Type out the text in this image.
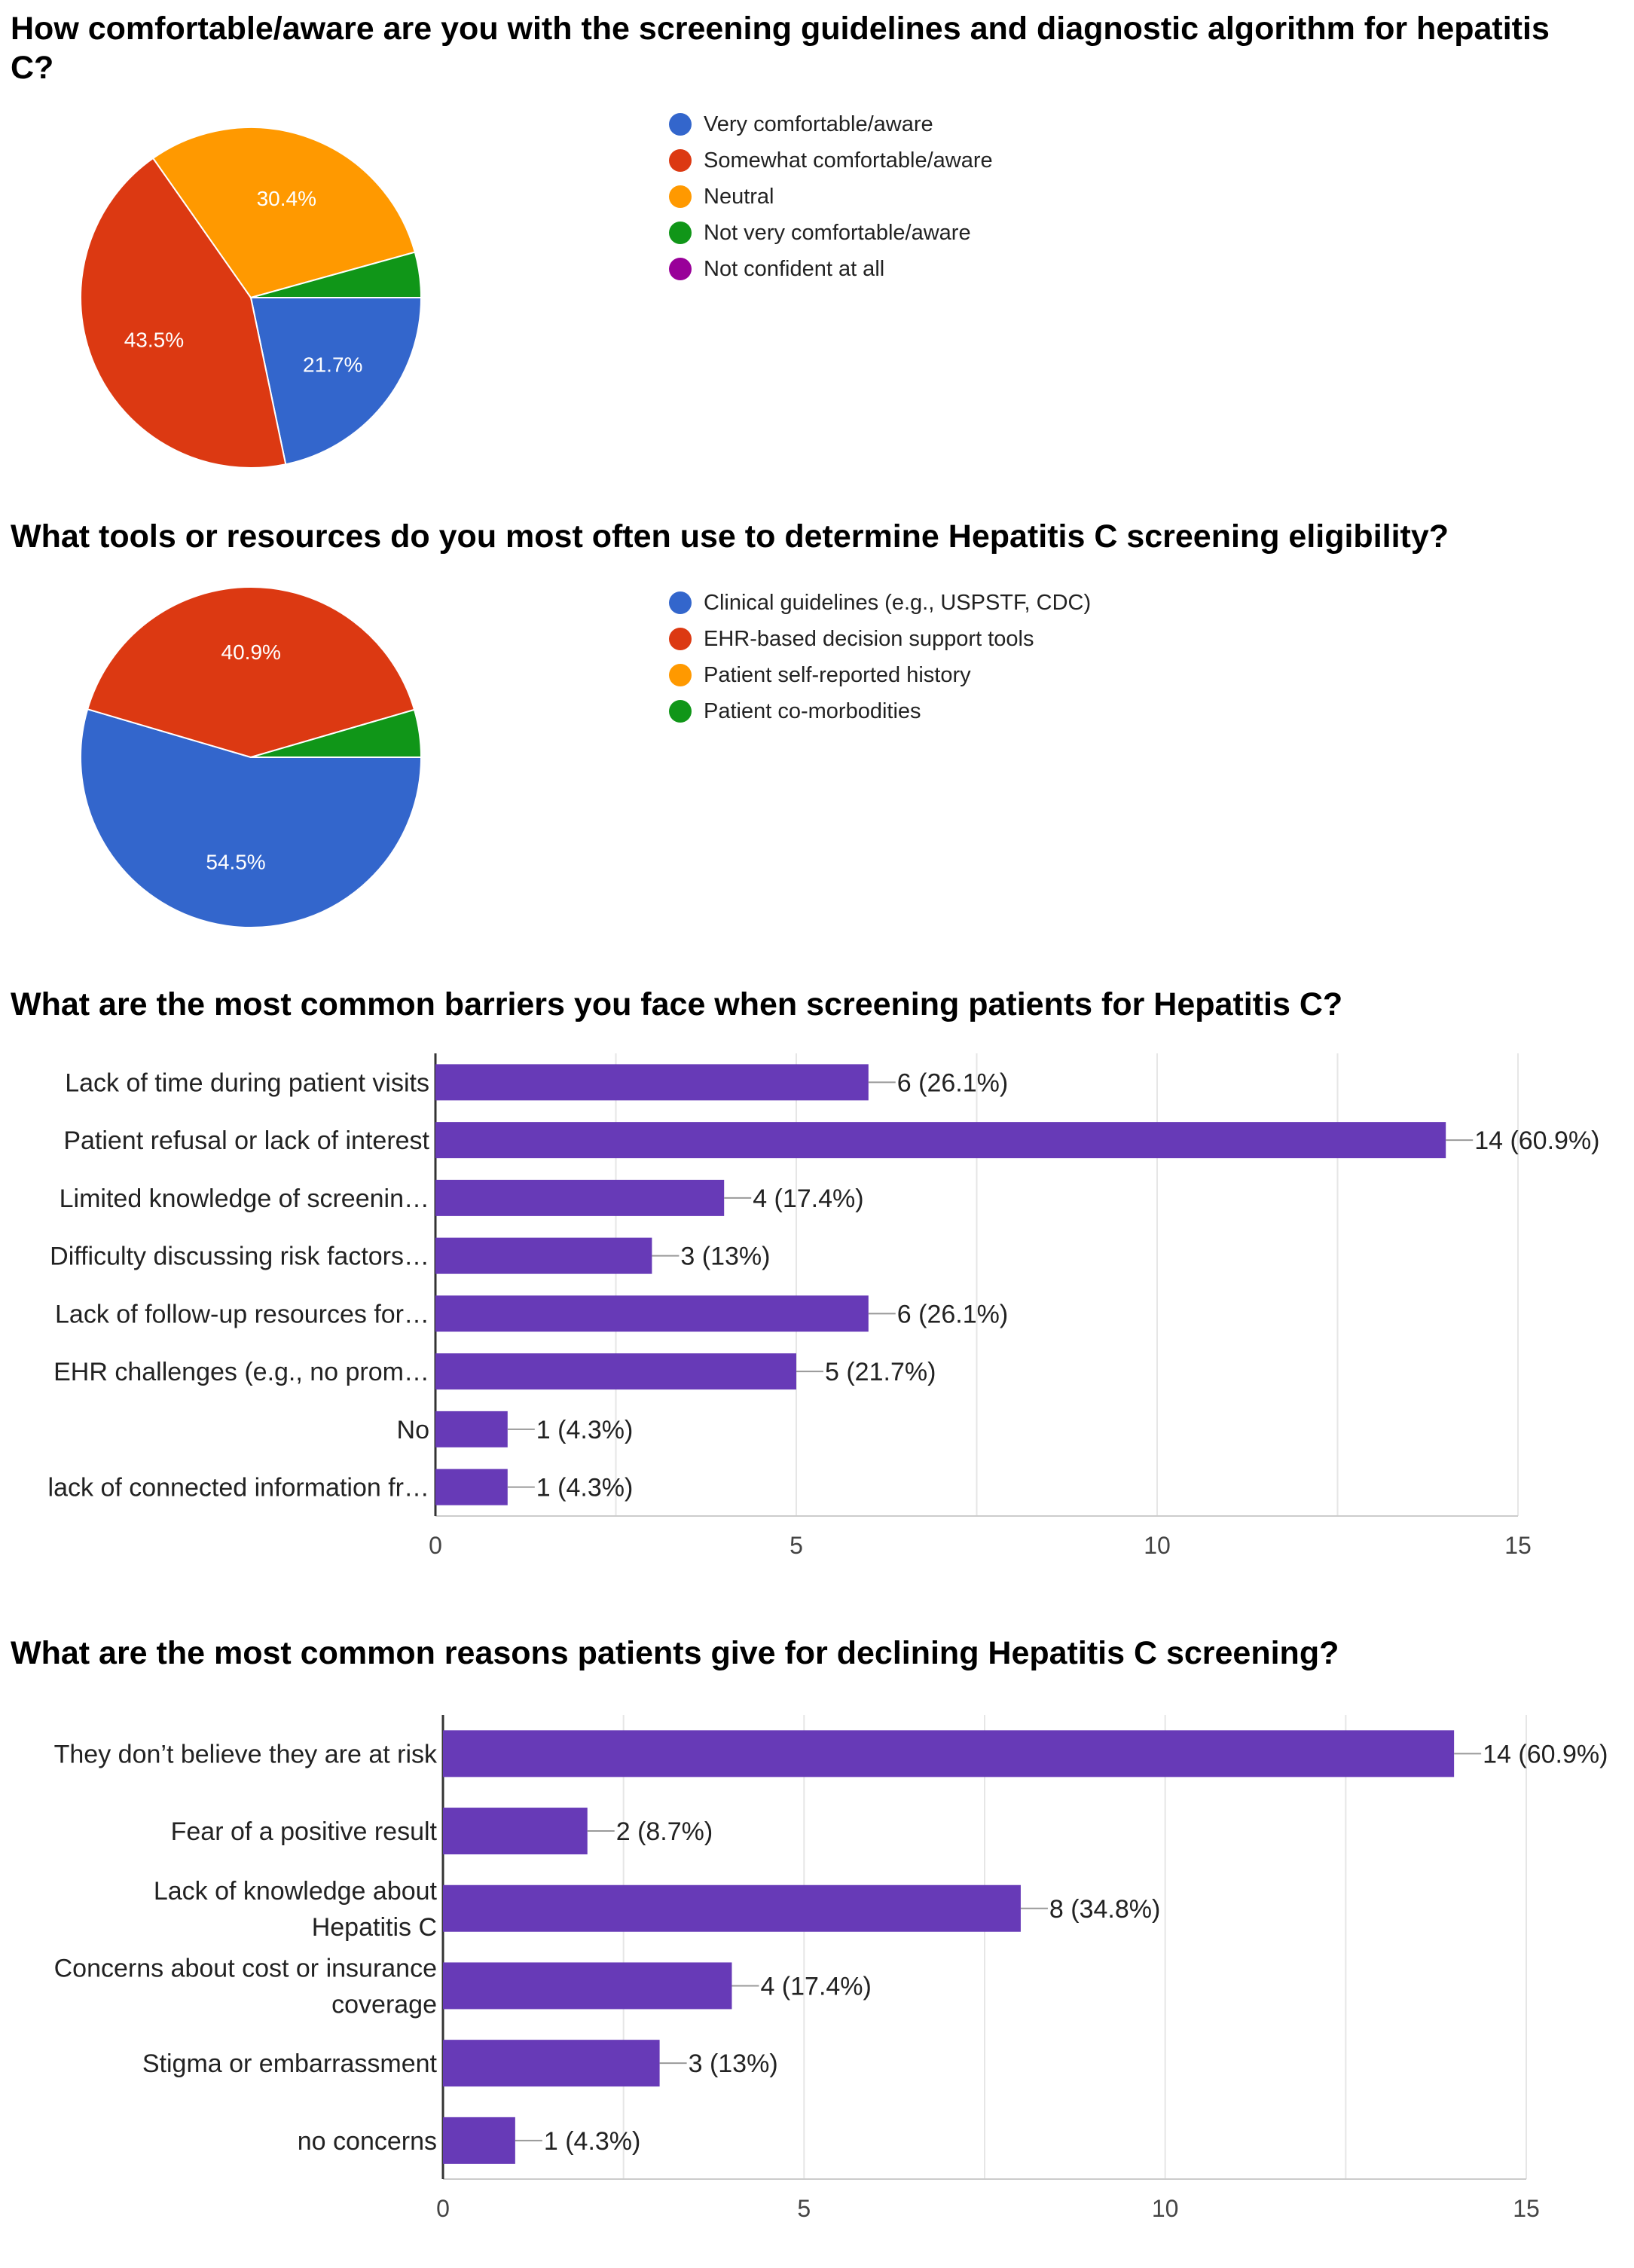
How comfortable/aware are you with the screening guidelines and diagnostic algorithm for hepatitis C?
21.7%
43.5%
30.4%
Very comfortable/aware
Somewhat comfortable/aware
Neutral
Not very comfortable/aware
Not confident at all
What tools or resources do you most often use to determine Hepatitis C screening eligibility?
54.5%
40.9%
Clinical guidelines (e.g., USPSTF, CDC)
EHR-based decision support tools
Patient self-reported history
Patient co-morbodities
What are the most common barriers you face when screening patients for Hepatitis C?
0	5	10	15
6 (26.1%)
Lack of time during patient visits
14 (60.9%)
Patient refusal or lack of interest
4 (17.4%)
Limited knowledge of screenin…
3 (13%)
Difficulty discussing risk factors…
6 (26.1%)
Lack of follow-up resources for…
5 (21.7%)
EHR challenges (e.g., no prom…
1 (4.3%)
No
1 (4.3%)
lack of connected information fr…
What are the most common reasons patients give for declining Hepatitis C screening?
0	5	10	15
14 (60.9%)
They don’t believe they are at risk
2 (8.7%)
Fear of a positive result
8 (34.8%)
Lack of knowledge about Hepatitis C
4 (17.4%)
Concerns about cost or insurance coverage
3 (13%)
Stigma or embarrassment
1 (4.3%)
no concerns
